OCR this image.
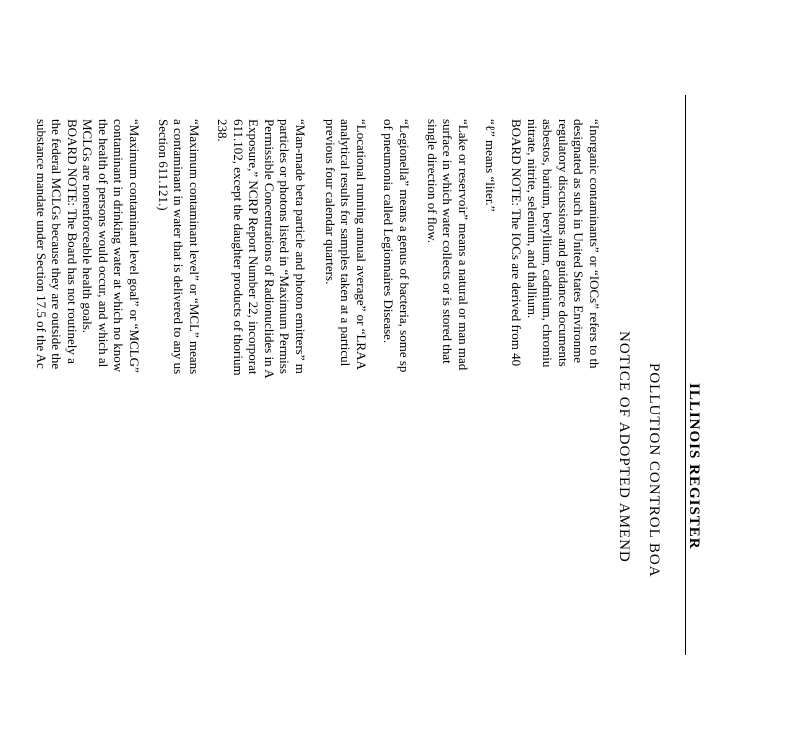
ILLINOIS REGISTER
POLLUTION CONTROL BOA
NOTICE OF ADOPTED AMEND
“Inorganic contaminants” or “IOCs” refers to th
designated as such in United States Environme
regulatory discussions and guidance documents
asbestos, barium, beryllium, cadmium, chromiu
nitrate, nitrite, selenium, and thallium.
BOARD NOTE: The IOCs are derived from 40
“ℓ” means “liter.”
“Lake or reservoir” means a natural or man mad
surface in which water collects or is stored that
single direction of flow.
“Legionella” means a genus of bacteria, some sp
of pneumonia called Legionnaires Disease.
“Locational running annual average” or “LRAA
analytical results for samples taken at a particul
previous four calendar quarters.
“Man-made beta particle and photon emitters” m
particles or photons listed in “Maximum Permiss
Permissible Concentrations of Radionuclides in A
Exposure,” NCRP Report Number 22, incorporat
611.102, except the daughter products of thorium
238.
“Maximum contaminant level” or “MCL” means
a contaminant in water that is delivered to any us
Section 611.121.)
“Maximum contaminant level goal” or “MCLG”
contaminant in drinking water at which no know
the health of persons would occur, and which al
MCLGs are nonenforceable health goals.
BOARD NOTE: The Board has not routinely a
the federal MCLGs because they are outside the
substance mandate under Section 17.5 of the Ac
